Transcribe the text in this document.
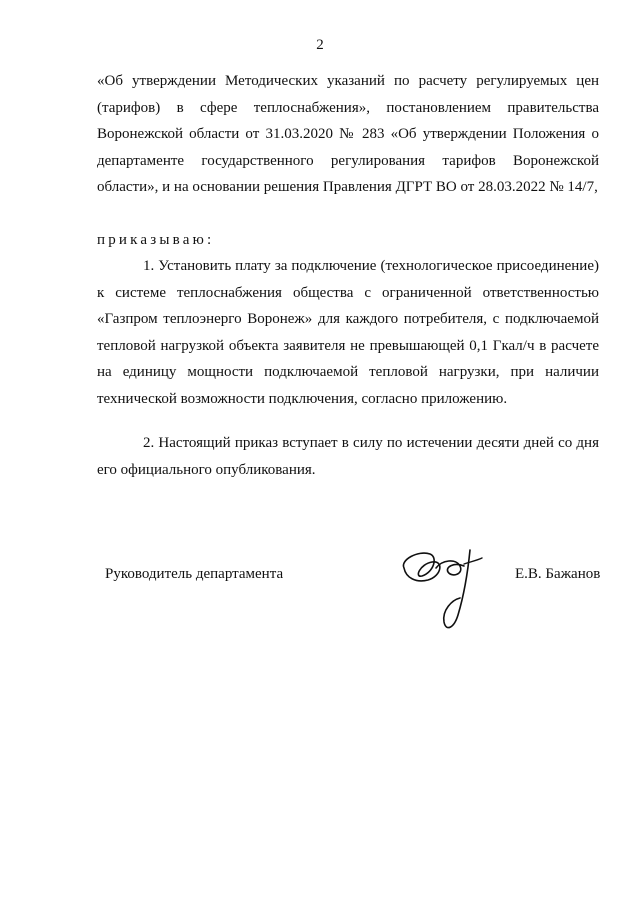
2

«Об утверждении Методических указаний по расчету регулируемых цен (тарифов) в сфере теплоснабжения», постановлением правительства Воронежской области от 31.03.2020 № 283 «Об утверждении Положения о департаменте государственного регулирования тарифов Воронежской области», и на основании решения Правления ДГРТ ВО от 28.03.2022 № 14/7,

приказываю:

1. Установить плату за подключение (технологическое присоединение) к системе теплоснабжения общества с ограниченной ответственностью «Газпром теплоэнерго Воронеж» для каждого потребителя, с подключаемой тепловой нагрузкой объекта заявителя не превышающей 0,1 Гкал/ч в расчете на единицу мощности подключаемой тепловой нагрузки, при наличии технической возможности подключения, согласно приложению.

2. Настоящий приказ вступает в силу по истечении десяти дней со дня его официального опубликования.

Руководитель департамента	Е.В. Бажанов
